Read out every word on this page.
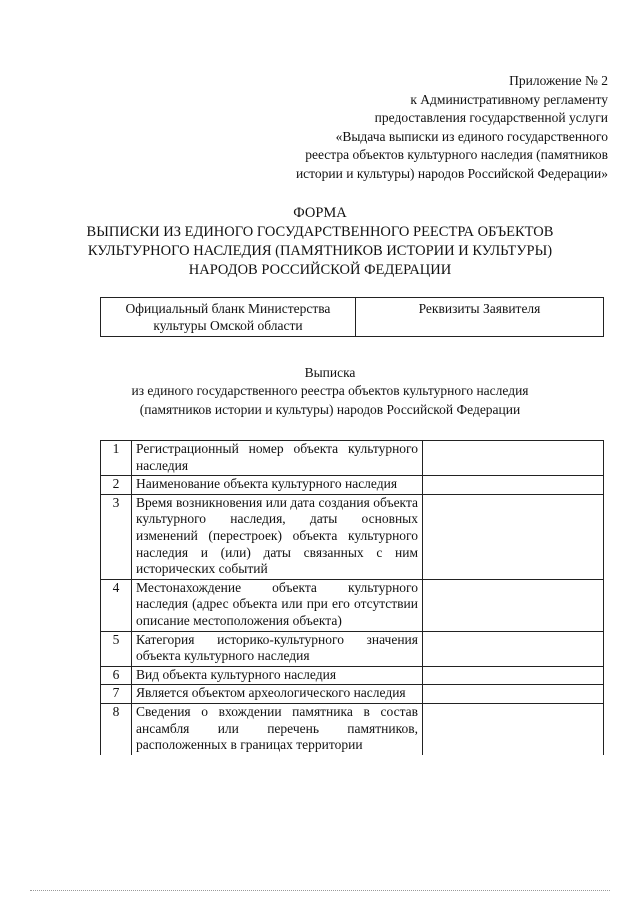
Приложение № 2
к Административному регламенту
предоставления государственной услуги
«Выдача выписки из единого государственного
реестра объектов культурного наследия (памятников
истории и культуры) народов Российской Федерации»
ФОРМА
ВЫПИСКИ ИЗ ЕДИНОГО ГОСУДАРСТВЕННОГО РЕЕСТРА ОБЪЕКТОВ
КУЛЬТУРНОГО НАСЛЕДИЯ (ПАМЯТНИКОВ ИСТОРИИ И КУЛЬТУРЫ)
НАРОДОВ РОССИЙСКОЙ ФЕДЕРАЦИИ
Официальный бланк Министерства культуры Омской области	Реквизиты Заявителя
Выписка
из единого государственного реестра объектов культурного наследия
(памятников истории и культуры) народов Российской Федерации
1	Регистрационный номер объекта культурного наследия	
2	Наименование объекта культурного наследия	
3	Время возникновения или дата создания объекта культурного наследия, даты основных изменений (перестроек) объекта культурного наследия и (или) даты связанных с ним исторических событий	
4	Местонахождение объекта культурного наследия (адрес объекта или при его отсутствии описание местоположения объекта)	
5	Категория историко-культурного значения объекта культурного наследия	
6	Вид объекта культурного наследия	
7	Является объектом археологического наследия	
8	Сведения о вхождении памятника в состав ансамбля или перечень памятников, расположенных в границах территории	
